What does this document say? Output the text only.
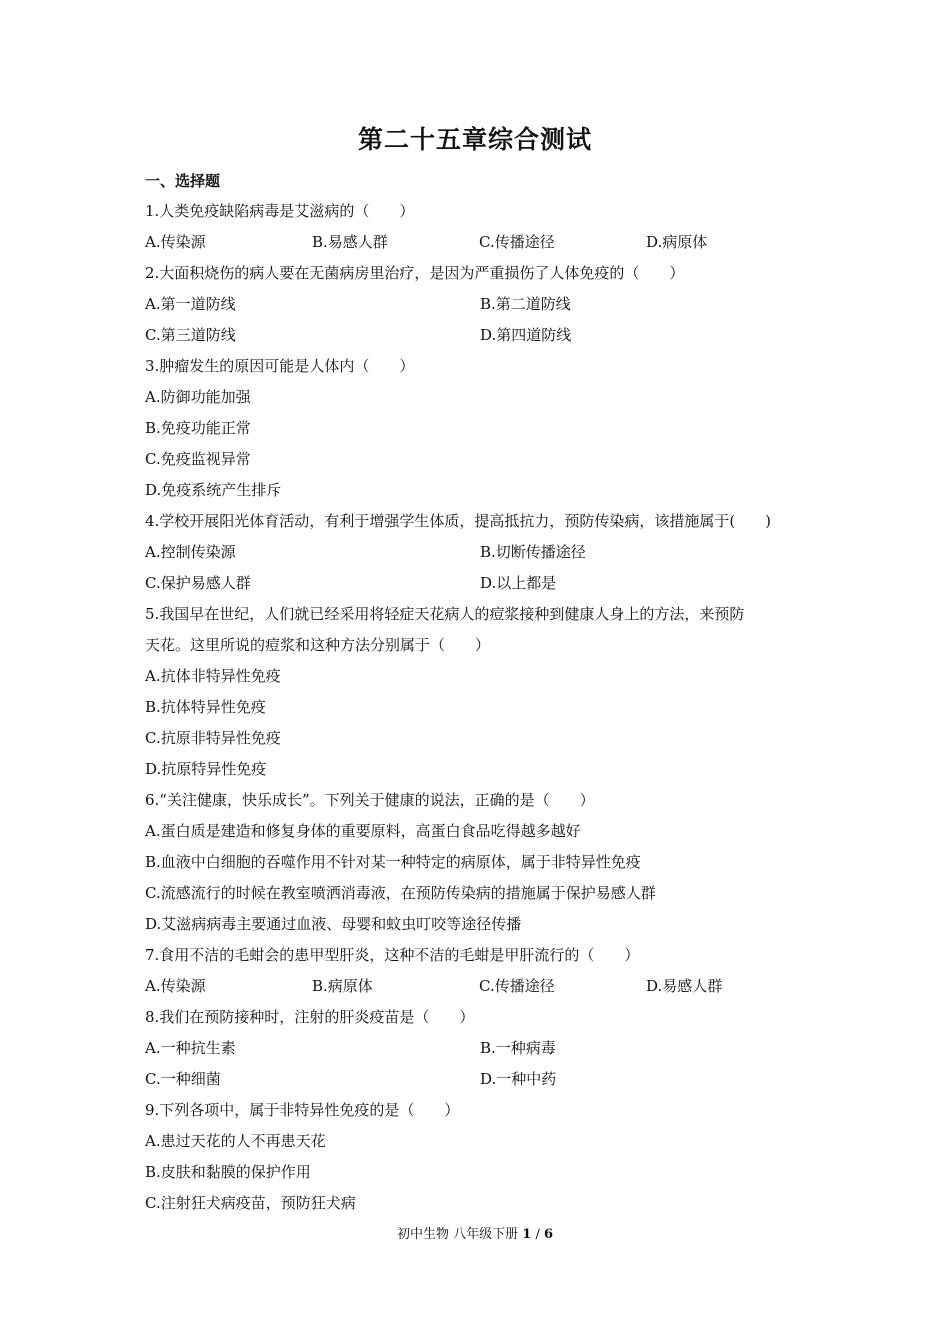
第二十五章综合测试
一、选择题
1.人类免疫缺陷病毒是艾滋病的（　　）
A.传染源	B.易感人群	C.传播途径	D.病原体
2.大面积烧伤的病人要在无菌病房里治疗，是因为严重损伤了人体免疫的（　　）
A.第一道防线	B.第二道防线
C.第三道防线	D.第四道防线
3.肿瘤发生的原因可能是人体内（　　）
A.防御功能加强
B.免疫功能正常
C.免疫监视异常
D.免疫系统产生排斥
4.学校开展阳光体育活动，有利于增强学生体质，提高抵抗力，预防传染病，该措施属于(　　)
A.控制传染源	B.切断传播途径
C.保护易感人群	D.以上都是
5.我国早在世纪，人们就已经采用将轻症天花病人的痘浆接种到健康人身上的方法，来预防
天花。这里所说的痘浆和这种方法分别属于（　　）
A.抗体非特异性免疫
B.抗体特异性免疫
C.抗原非特异性免疫
D.抗原特异性免疫
6.“关注健康，快乐成长”。下列关于健康的说法，正确的是（　　）
A.蛋白质是建造和修复身体的重要原料，高蛋白食品吃得越多越好
B.血液中白细胞的吞噬作用不针对某一种特定的病原体，属于非特异性免疫
C.流感流行的时候在教室喷洒消毒液，在预防传染病的措施属于保护易感人群
D.艾滋病病毒主要通过血液、母婴和蚊虫叮咬等途径传播
7.食用不洁的毛蚶会的患甲型肝炎，这种不洁的毛蚶是甲肝流行的（　　）
A.传染源	B.病原体	C.传播途径	D.易感人群
8.我们在预防接种时，注射的肝炎疫苗是（　　）
A.一种抗生素	B.一种病毒
C.一种细菌	D.一种中药
9.下列各项中，属于非特异性免疫的是（　　）
A.患过天花的人不再患天花
B.皮肤和黏膜的保护作用
C.注射狂犬病疫苗，预防狂犬病
初中生物 八年级下册 1 / 6
